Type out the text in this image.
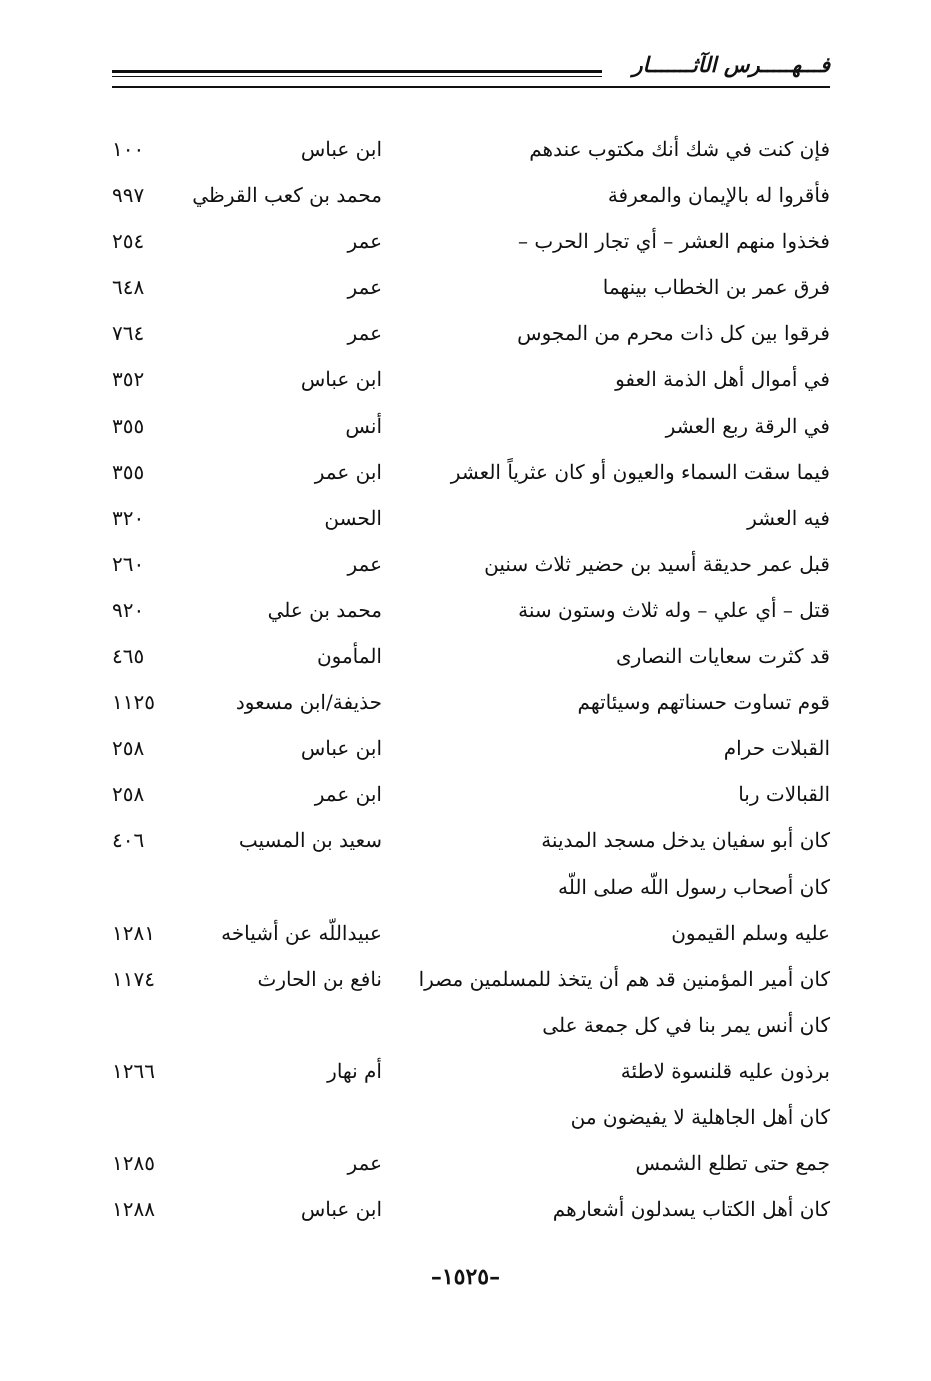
فـــهـــــرس الآثـــــــار
فإن كنت في شك أنك مكتوب عندهم
ابن عباس
١٠٠
فأقروا له بالإيمان والمعرفة
محمد بن كعب القرظي
٩٩٧
فخذوا منهم العشر – أي تجار الحرب –
عمر
٢٥٤
فرق عمر بن الخطاب بينهما
عمر
٦٤٨
فرقوا بين كل ذات محرم من المجوس
عمر
٧٦٤
في أموال أهل الذمة العفو
ابن عباس
٣٥٢
في الرقة ربع العشر
أنس
٣٥٥
فيما سقت السماء والعيون أو كان عثرياً العشر
ابن عمر
٣٥٥
فيه العشر
الحسن
٣٢٠
قبل عمر حديقة أسيد بن حضير ثلاث سنين
عمر
٢٦٠
قتل – أي علي – وله ثلاث وستون سنة
محمد بن علي
٩٢٠
قد كثرت سعايات النصارى
المأمون
٤٦٥
قوم تساوت حسناتهم وسيئاتهم
حذيفة/ابن مسعود
١١٢٥
القبلات حرام
ابن عباس
٢٥٨
القبالات ربا
ابن عمر
٢٥٨
كان أبو سفيان يدخل مسجد المدينة
سعيد بن المسيب
٤٠٦
كان أصحاب رسول اللّه صلى اللّه
عليه وسلم القيمون
عبيداللّه عن أشياخه
١٢٨١
كان أمير المؤمنين قد هم أن يتخذ للمسلمين مصرا
نافع بن الحارث
١١٧٤
كان أنس يمر بنا في كل جمعة على
برذون عليه قلنسوة لاطئة
أم نهار
١٢٦٦
كان أهل الجاهلية لا يفيضون من
جمع حتى تطلع الشمس
عمر
١٢٨٥
كان أهل الكتاب يسدلون أشعارهم
ابن عباس
١٢٨٨
–١٥٢٥–
